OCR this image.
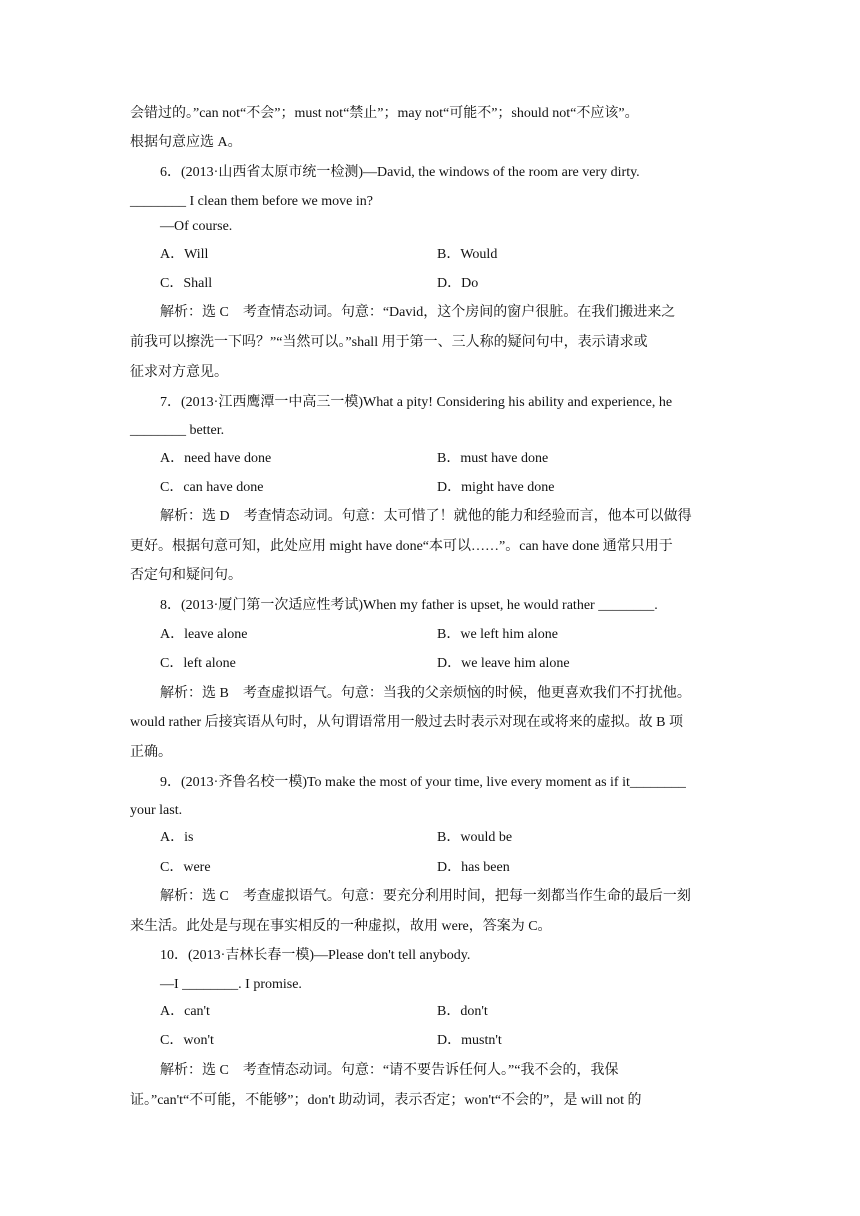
会错过的。”can not“不会”；must not“禁止”；may not“可能不”；should not“不应该”。
根据句意应选 A。
6．(2013·山西省太原市统一检测)—David, the windows of the room are very dirty.
________ I clean them before we move in?
—Of course.
A．Will	B．Would
C．Shall	D．Do
解析：选 C　考查情态动词。句意：“David，这个房间的窗户很脏。在我们搬进来之
前我可以擦洗一下吗？”“当然可以。”shall 用于第一、三人称的疑问句中，表示请求或
征求对方意见。
7．(2013·江西鹰潭一中高三一模)What a pity! Considering his ability and experience, he
________ better.
A．need have done	B．must have done
C．can have done	D．might have done
解析：选 D　考查情态动词。句意：太可惜了！就他的能力和经验而言，他本可以做得
更好。根据句意可知，此处应用 might have done“本可以……”。can have done 通常只用于
否定句和疑问句。
8．(2013·厦门第一次适应性考试)When my father is upset, he would rather ________.
A．leave alone	B．we left him alone
C．left alone	D．we leave him alone
解析：选 B　考查虚拟语气。句意：当我的父亲烦恼的时候，他更喜欢我们不打扰他。
would rather 后接宾语从句时，从句谓语常用一般过去时表示对现在或将来的虚拟。故 B 项
正确。
9．(2013·齐鲁名校一模)To make the most of your time, live every moment as if it________
your last.
A．is	B．would be
C．were	D．has been
解析：选 C　考查虚拟语气。句意：要充分利用时间，把每一刻都当作生命的最后一刻
来生活。此处是与现在事实相反的一种虚拟，故用 were，答案为 C。
10．(2013·吉林长春一模)—Please don't tell anybody.
—I ________. I promise.
A．can't	B．don't
C．won't	D．mustn't
解析：选 C　考查情态动词。句意：“请不要告诉任何人。”“我不会的，我保
证。”can't“不可能，不能够”；don't 助动词，表示否定；won't“不会的”，是 will not 的
